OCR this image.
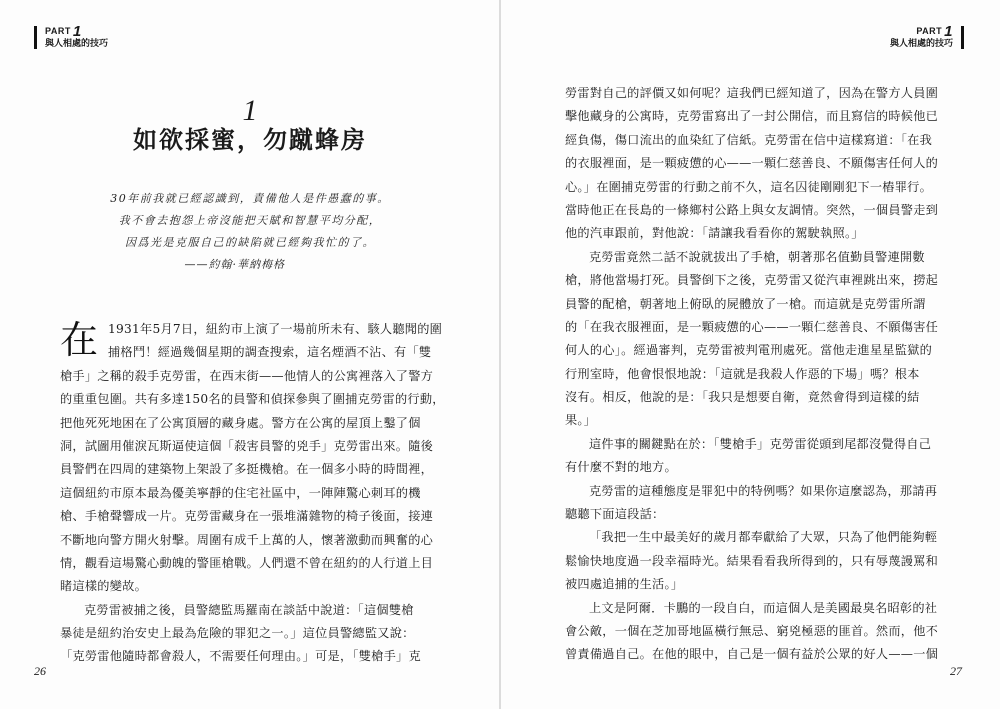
PART 1
與人相處的技巧
PART 1
與人相處的技巧
1
如欲採蜜，勿蹴蜂房
30年前我就已經認識到，責備他人是件愚蠢的事。
我不會去抱怨上帝沒能把天賦和智慧平均分配，
因爲光是克服自己的缺陷就已經夠我忙的了。
——約翰·華納梅格
在 1931年5月7日，紐約市上演了一場前所未有、駭人聽聞的圍
捕格鬥！經過幾個星期的調查搜索，這名煙酒不沾、有「雙
槍手」之稱的殺手克勞雷，在西末街——他情人的公寓裡落入了警方
的重重包圍。共有多達150名的員警和偵探參與了圍捕克勞雷的行動，
把他死死地困在了公寓頂層的藏身處。警方在公寓的屋頂上鑿了個
洞，試圖用催淚瓦斯逼使這個「殺害員警的兇手」克勞雷出來。隨後
員警們在四周的建築物上架設了多挺機槍。在一個多小時的時間裡，
這個紐約市原本最為優美寧靜的住宅社區中，一陣陣驚心刺耳的機
槍、手槍聲響成一片。克勞雷藏身在一張堆滿雜物的椅子後面，接連
不斷地向警方開火射擊。周圍有成千上萬的人，懷著激動而興奮的心
情，觀看這場驚心動魄的警匪槍戰。人們還不曾在紐約的人行道上目
睹這樣的變故。
克勞雷被捕之後，員警總監馬羅南在談話中說道：「這個雙槍
暴徒是紐約治安史上最為危險的罪犯之一。」這位員警總監又說：
「克勞雷他隨時都會殺人，不需要任何理由。」可是，「雙槍手」克
勞雷對自己的評價又如何呢？這我們已經知道了，因為在警方人員圍
擊他藏身的公寓時，克勞雷寫出了一封公開信，而且寫信的時候他已
經負傷，傷口流出的血染紅了信紙。克勞雷在信中這樣寫道：「在我
的衣服裡面，是一顆疲憊的心——一顆仁慈善良、不願傷害任何人的
心。」在圍捕克勞雷的行動之前不久，這名囚徒剛剛犯下一樁罪行。
當時他正在長島的一條鄉村公路上與女友調情。突然，一個員警走到
他的汽車跟前，對他說：「請讓我看看你的駕駛執照。」
克勞雷竟然二話不說就拔出了手槍，朝著那名值勤員警連開數
槍，將他當場打死。員警倒下之後，克勞雷又從汽車裡跳出來，撈起
員警的配槍，朝著地上俯臥的屍體放了一槍。而這就是克勞雷所謂
的「在我衣服裡面，是一顆疲憊的心——一顆仁慈善良、不願傷害任
何人的心」。經過審判，克勞雷被判電刑處死。當他走進星星監獄的
行刑室時，他會恨恨地說：「這就是我殺人作惡的下場」嗎？根本
沒有。相反，他說的是：「我只是想要自衛，竟然會得到這樣的結
果。」
這件事的關鍵點在於：「雙槍手」克勞雷從頭到尾都沒覺得自己
有什麼不對的地方。
克勞雷的這種態度是罪犯中的特例嗎？如果你這麼認為，那請再
聽聽下面這段話：
「我把一生中最美好的歲月都奉獻給了大眾，只為了他們能夠輕
鬆愉快地度過一段幸福時光。結果看看我所得到的，只有辱蔑謾罵和
被四處追捕的生活。」
上文是阿爾．卡鵬的一段自白，而這個人是美國最臭名昭彰的社
會公敵，一個在芝加哥地區橫行無忌、窮兇極惡的匪首。然而，他不
曾責備過自己。在他的眼中，自己是一個有益於公眾的好人——一個
26	27
